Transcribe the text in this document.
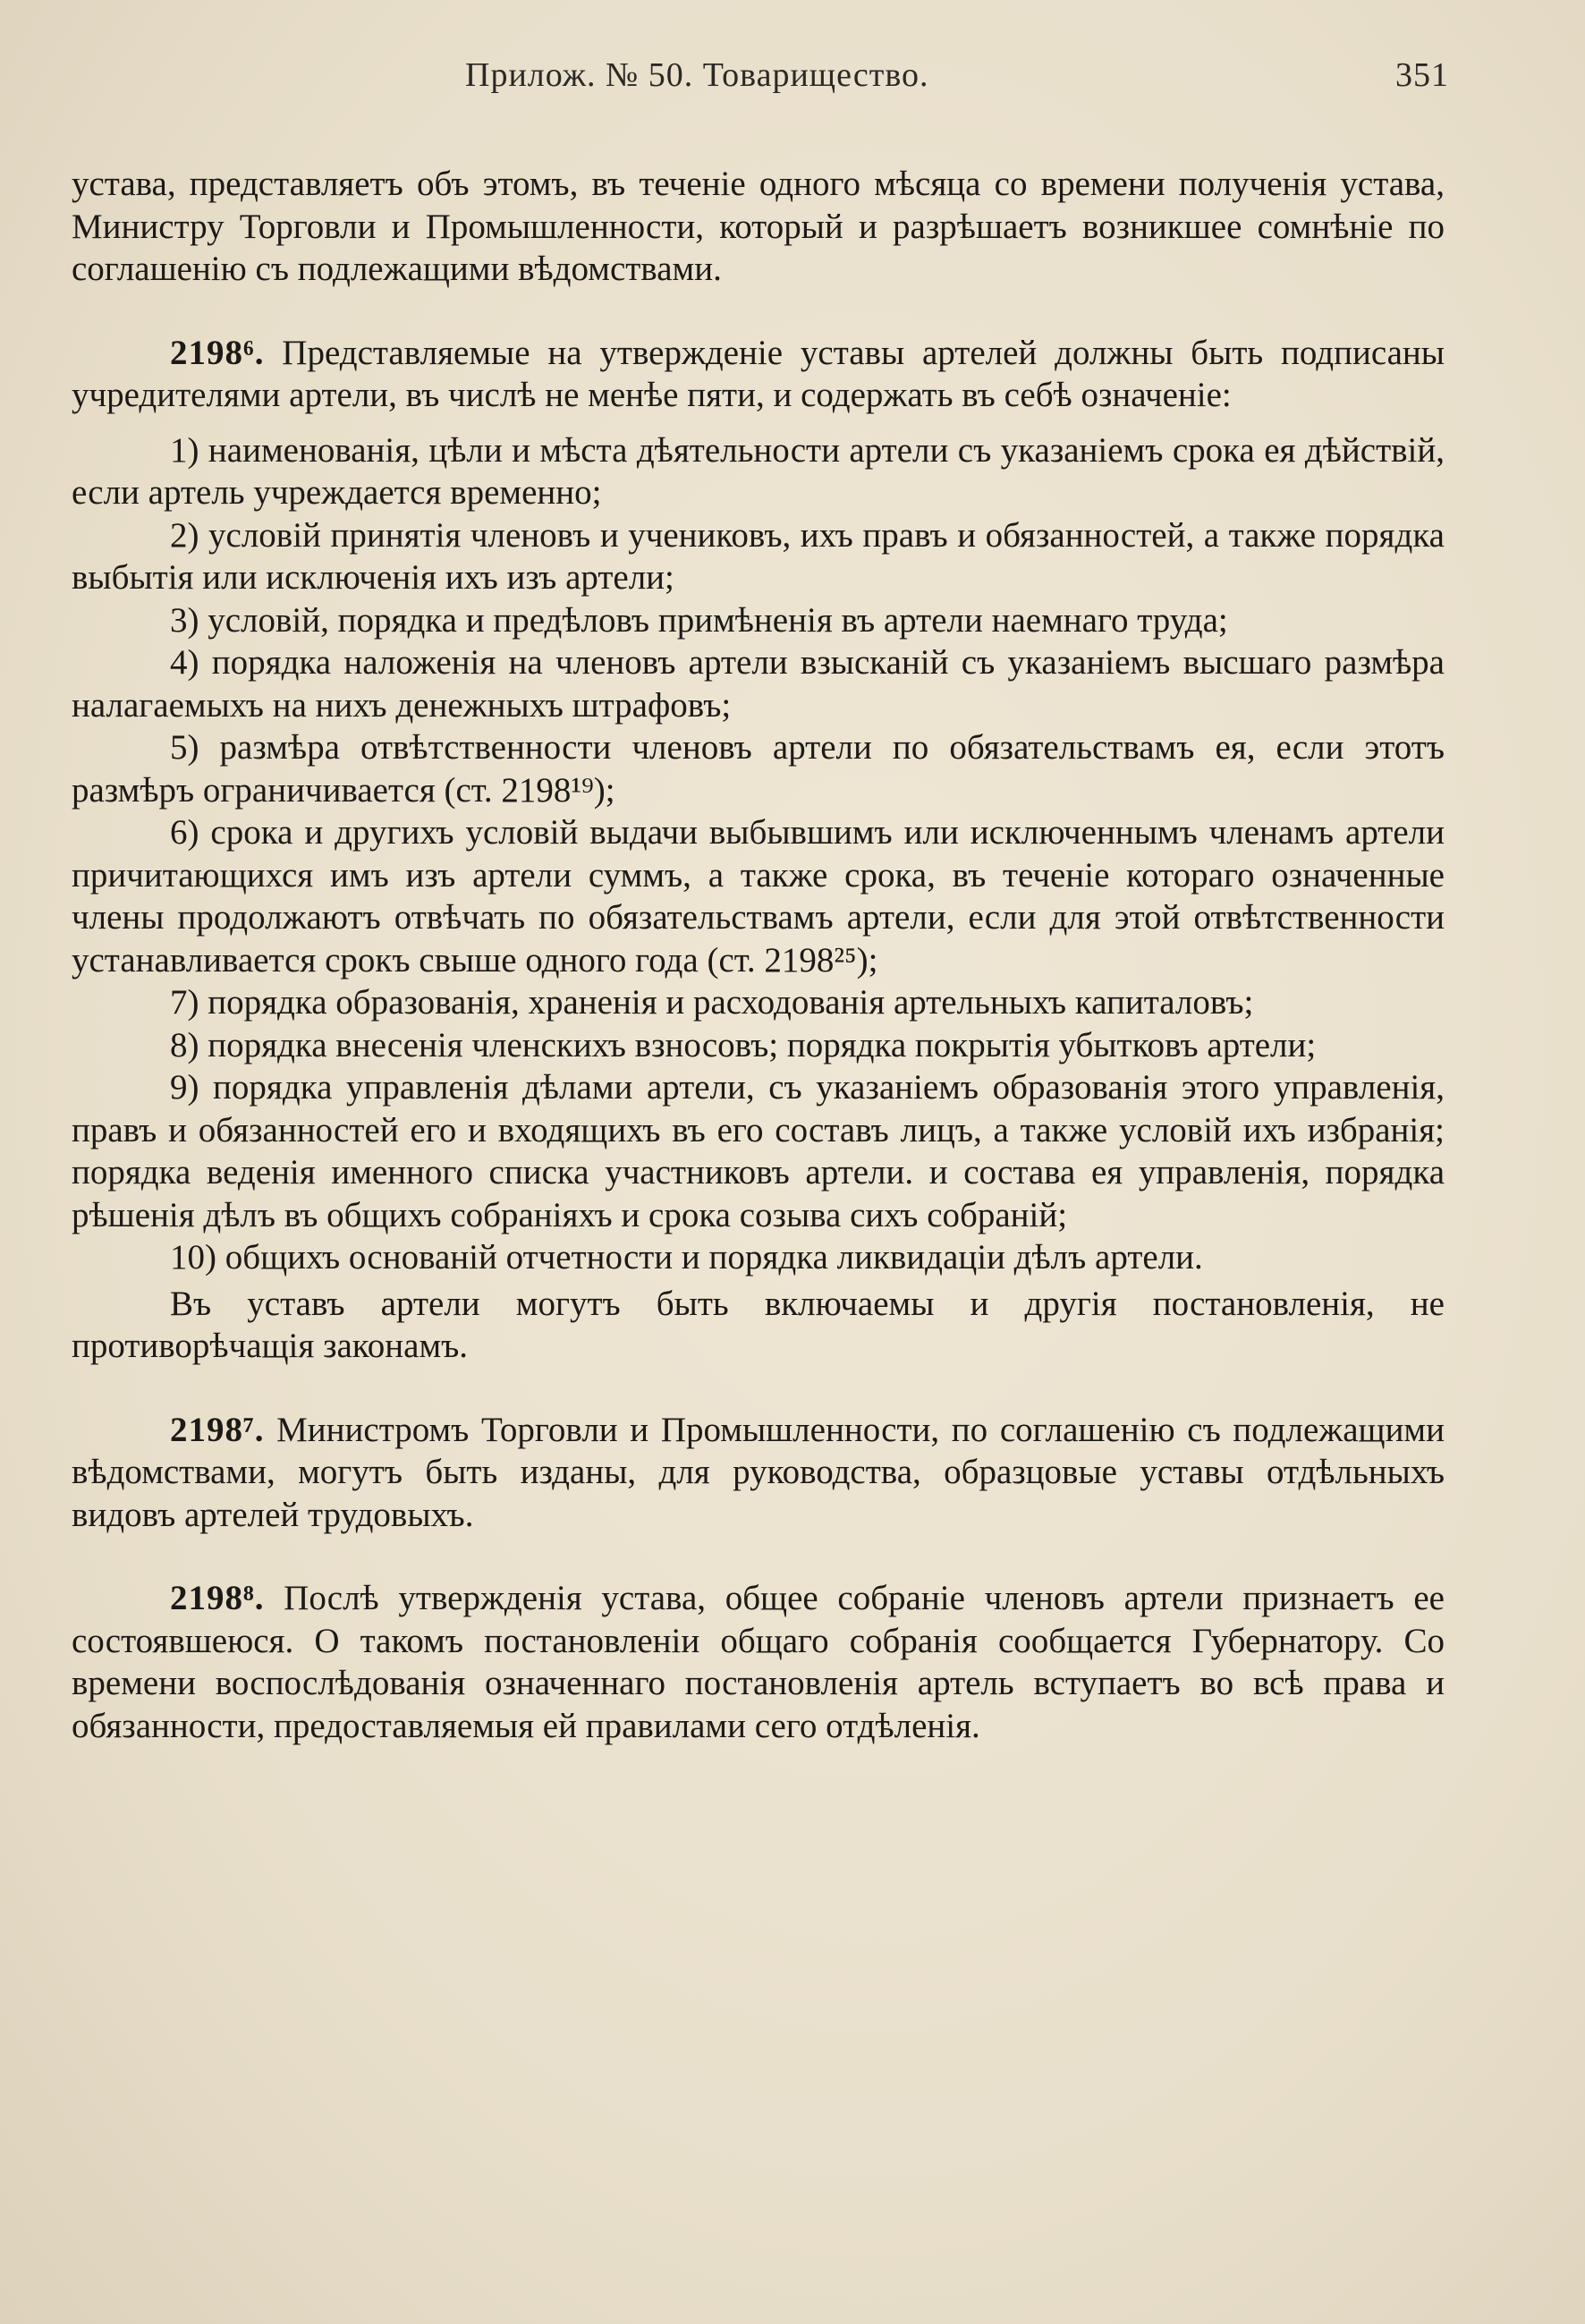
Прилож. № 50. Товарищество.	351

устава, представляетъ объ этомъ, въ теченіе одного мѣсяца со времени полученія устава, Министру Торговли и Промышленности, который и разрѣшаетъ возникшее сомнѣніе по соглашенію съ подлежащими вѣдомствами.

2198⁶. Представляемые на утвержденіе уставы артелей должны быть подписаны учредителями артели, въ числѣ не менѣе пяти, и содержать въ себѣ означеніе:

1) наименованія, цѣли и мѣста дѣятельности артели съ указаніемъ срока ея дѣйствій, если артель учреждается временно;

2) условій принятія членовъ и учениковъ, ихъ правъ и обязанностей, а также порядка выбытія или исключенія ихъ изъ артели;

3) условій, порядка и предѣловъ примѣненія въ артели наемнаго труда;

4) порядка наложенія на членовъ артели взысканій съ указаніемъ высшаго размѣра налагаемыхъ на нихъ денежныхъ штрафовъ;

5) размѣра отвѣтственности членовъ артели по обязательствамъ ея, если этотъ размѣръ ограничивается (ст. 2198¹⁹);

6) срока и другихъ условій выдачи выбывшимъ или исключеннымъ членамъ артели причитающихся имъ изъ артели суммъ, а также срока, въ теченіе котораго означенные члены продолжаютъ отвѣчать по обязательствамъ артели, если для этой отвѣтственности устанавливается срокъ свыше одного года (ст. 2198²⁵);

7) порядка образованія, храненія и расходованія артельныхъ капиталовъ;

8) порядка внесенія членскихъ взносовъ; порядка покрытія убытковъ артели;

9) порядка управленія дѣлами артели, съ указаніемъ образованія этого управленія, правъ и обязанностей его и входящихъ въ его составъ лицъ, а также условій ихъ избранія; порядка веденія именного списка участниковъ артели. и состава ея управленія, порядка рѣшенія дѣлъ въ общихъ собраніяхъ и срока созыва сихъ собраній;

10) общихъ основаній отчетности и порядка ликвидаціи дѣлъ артели.

Въ уставъ артели могутъ быть включаемы и другія постановленія, не противорѣчащія законамъ.

2198⁷. Министромъ Торговли и Промышленности, по соглашенію съ подлежащими вѣдомствами, могутъ быть изданы, для руководства, образцовые уставы отдѣльныхъ видовъ артелей трудовыхъ.

2198⁸. Послѣ утвержденія устава, общее собраніе членовъ артели признаетъ ее состоявшеюся. О такомъ постановленіи общаго собранія сообщается Губернатору. Со времени воспослѣдованія означеннаго постановленія артель вступаетъ во всѣ права и обязанности, предоставляемыя ей правилами сего отдѣленія.
